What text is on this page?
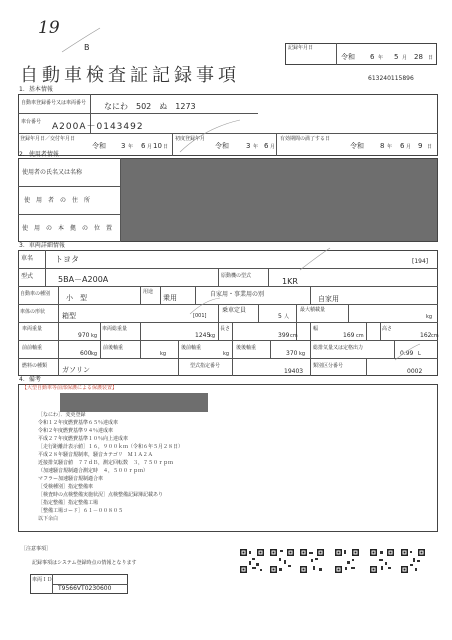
19
B	記録年月日
令和 6 年 5 月 28 日
自動車検査証記録事項	613240115896
1．基本情報
自動車登録番号又は車両番号 なにわ　502　ぬ　1273
車台番号 A200A－0143492
登録年月日／交付年月日
令和 3 年 6 月 10 日
初度登録年月
令和 3 年 6 月
有効期間の満了する日
令和 8 年 6 月 9 日
2．使用者情報
使用者の氏名又は名称
使　用　者　の　住　所
使　用　の　本　拠　の　位　置
3．車両詳細情報
車名	トヨタ	[194]
型式	5BA－A200A	原動機の型式
1KR
自動車の種別 小　型
用途
乗用	自家用・事業用の別
自家用
車体の形状 箱型	[001]
乗車定員
5 人
最大積載量
kg
車両重量
970 kg
車両総重量
1245
kg
長さ
399 cm
幅
169 cm
高さ
162 cm
前前軸重
600 kg
前後軸重
kg
後前軸重
kg
後後軸重
370 kg
総排気量又は定格出力
0.99 L
燃料の種類 ガソリン	型式指定番号
19403
類別区分番号
0002
4．備考
【大型自動車等前部保護による保護装置】
［なにわ］．変更登録
令和１２年度燃費基準６５％達成車
令和２年度燃費基準９４％達成車
平成２７年度燃費基準１０％向上達成車
［走行距離計表示値］１６，９００ｋｍ（令和６年５月２８日）
平成２８年騒音規制車，騒音カテゴリ　Ｍ１Ａ２Ａ
近接排気騒音値　７７ｄＢ，測定回転数　３，７５０ｒｐｍ
（加速騒音規制適合測定時　４，５００ｒｐｍ）
マフラー加速騒音規制適合車
［受検種別］指定整備車
［検査時の点検整備実施状況］点検整備記録簿記載あり
［指定整備］指定整備工場
［整備工場コード］６１－００８０５
以下余白
［注意事項］
記録事項はシステム登録時点の情報となります
車両ＩＤ
T9566VT0230600
